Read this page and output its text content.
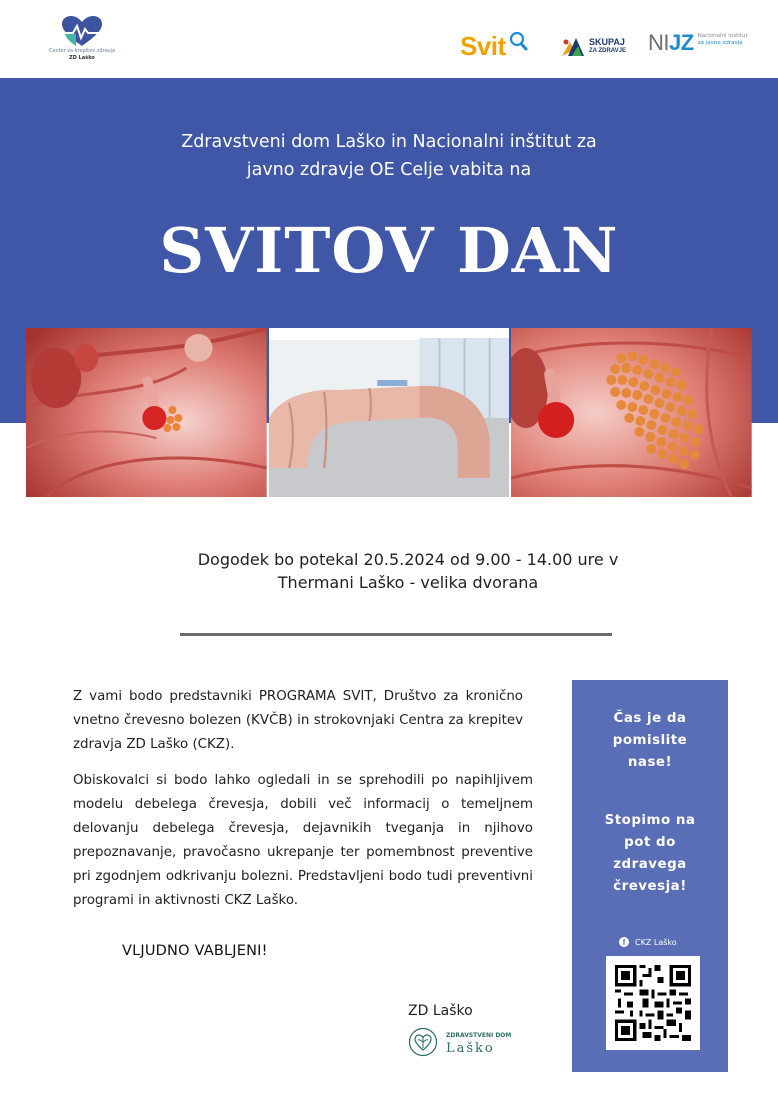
Center za krepitev zdravja
ZD Laško	Svit	SKUPAJ
ZA ZDRAVJE NIJZ Nacionalni inštitut
za javno zdravje
Zdravstveni dom Laško in Nacionalni inštitut za
javno zdravje OE Celje vabita na
SVITOV DAN
Dogodek bo potekal 20.5.2024 od 9.00 - 14.00 ure v
Thermani Laško - velika dvorana

Z vami bodo predstavniki PROGRAMA SVIT, Društvo za kronično vnetno črevesno bolezen (KVČB) in strokovnjaki Centra za krepitev zdravja ZD Laško (CKZ).

Obiskovalci si bodo lahko ogledali in se sprehodili po napihljivem modelu debelega črevesja, dobili več informacij o temeljnem delovanju debelega črevesja, dejavnikih tveganja in njihovo prepoznavanje, pravočasno ukrepanje ter pomembnost preventive pri zgodnjem odkrivanju bolezni. Predstavljeni bodo tudi preventivni programi in aktivnosti CKZ Laško.

VLJUDNO VABLJENI!
Čas je da
pomislite
nase!
Stopimo na
pot do
zdravega
črevesja!
f	CKZ Laško
ZD Laško
ZDRAVSTVENI DOM
Laško
